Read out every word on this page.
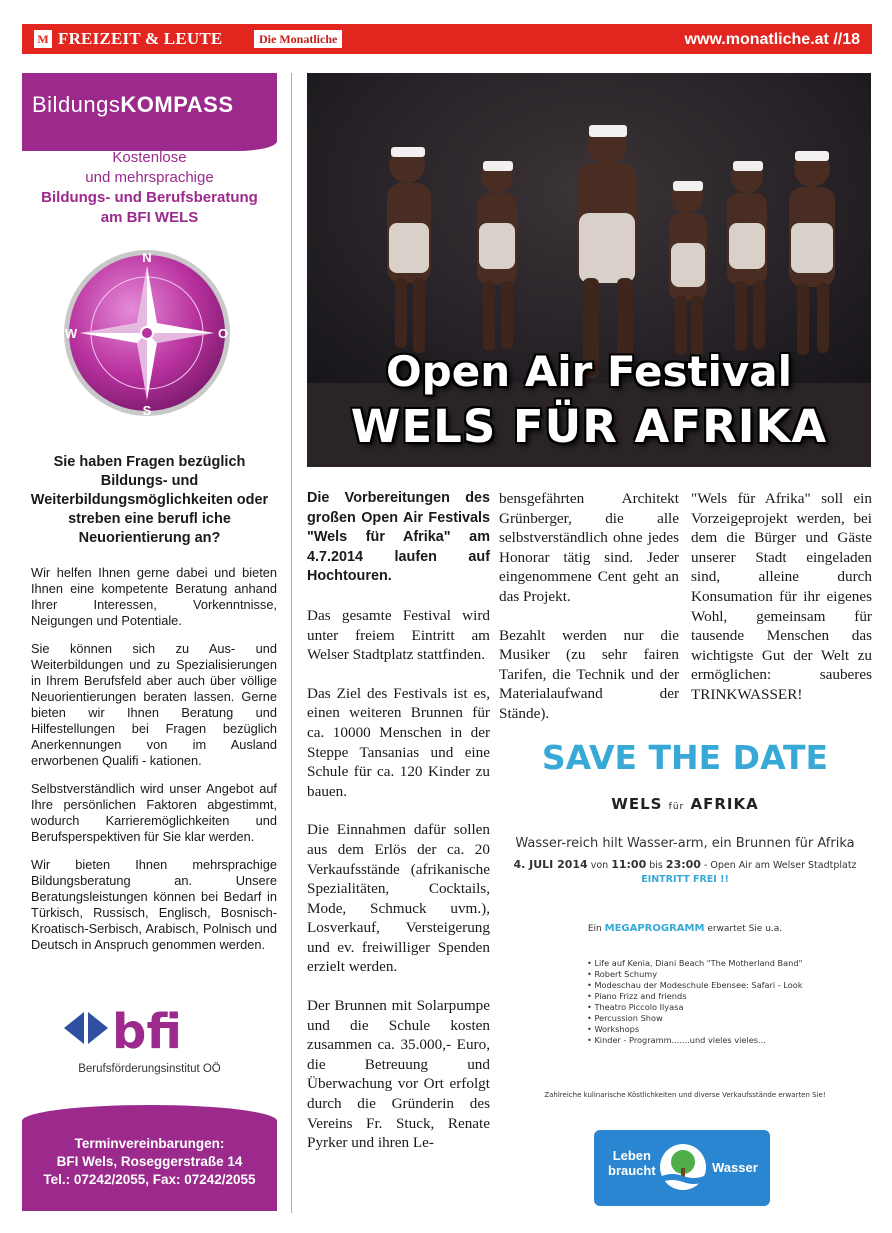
M FREIZEIT & LEUTE	Die Monatliche	www.monatliche.at //18
BildungsKOMPASS
Kostenlose
und mehrsprachige
Bildungs- und Berufsberatung
am BFI WELS
N
S
W	O
Sie haben Fragen bezüglich Bildungs- und Weiterbildungsmöglichkeiten oder streben eine berufl iche Neuorientierung an?

Wir helfen Ihnen gerne dabei und bieten Ihnen eine kompetente Beratung anhand Ihrer Interessen, Vorkenntnisse, Neigungen und Potentiale.

Sie können sich zu Aus- und Weiterbildungen und zu Spezialisierungen in Ihrem Berufsfeld aber auch über völlige Neuorientierungen beraten lassen. Gerne bieten wir Ihnen Beratung und Hilfestellungen bei Fragen bezüglich Anerkennungen von im Ausland erworbenen Qualifi - kationen.

Selbstverständlich wird unser Angebot auf Ihre persönlichen Faktoren abgestimmt, wodurch Karrieremöglichkeiten und Berufsperspektiven für Sie klar werden.

Wir bieten Ihnen mehrsprachige Bildungsberatung an. Unsere Beratungsleistungen können bei Bedarf in Türkisch, Russisch, Englisch, Bosnisch-Kroatisch-Serbisch, Arabisch, Polnisch und Deutsch in Anspruch genommen werden.

bfi
Berufsförderungsinstitut OÖ
Terminvereinbarungen:
BFI Wels, Roseggerstraße 14
Tel.: 07242/2055, Fax: 07242/2055
Open Air Festival
WELS FÜR AFRIKA

Die Vorbereitungen des großen Open Air Festivals "Wels für Afrika" am 4.7.2014 laufen auf Hochtouren.

Das gesamte Festival wird unter freiem Eintritt am Welser Stadtplatz stattfinden.

Das Ziel des Festivals ist es, einen weiteren Brunnen für ca. 10000 Menschen in der Steppe Tansanias und eine Schule für ca. 120 Kinder zu bauen.

Die Einnahmen dafür sollen aus dem Erlös der ca. 20 Verkaufsstände (afrikanische Spezialitäten, Cocktails, Mode, Schmuck uvm.), Losverkauf, Versteigerung und ev. freiwilliger Spenden erzielt werden.

Der Brunnen mit Solarpumpe und die Schule kosten zusammen ca. 35.000,- Euro, die Betreuung und Überwachung vor Ort erfolgt durch die Gründerin des Vereins Fr. Stuck, Renate Pyrker und ihren Le-

bensgefährten Architekt Grünberger, die alle selbstverständlich ohne jedes Honorar tätig sind. Jeder eingenommene Cent geht an das Projekt.

Bezahlt werden nur die Musiker (zu sehr fairen Tarifen, die Technik und der Materialaufwand der Stände).

"Wels für Afrika" soll ein Vorzeigeprojekt werden, bei dem die Bürger und Gäste unserer Stadt eingeladen sind, alleine durch Konsumation für ihr eigenes Wohl, gemeinsam für tausende Menschen das wichtigste Gut der Welt zu ermöglichen: sauberes TRINKWASSER!

SAVE THE DATE
WELS für AFRIKA
Wasser-reich hilt Wasser-arm, ein Brunnen für Afrika
4. JULI 2014 von 11:00 bis 23:00 - Open Air am Welser Stadtplatz EINTRITT FREI !!
Ein MEGAPROGRAMM erwartet Sie u.a.
• Life auf Kenia, Diani Beach "The Motherland Band"
• Robert Schumy
• Modeschau der Modeschule Ebensee: Safari - Look
• Piano Frizz and friends
• Theatro Piccolo Ilyasa
• Percussion Show
• Workshops
• Kinder - Programm.......und vieles vieles...
Zahlreiche kulinarische Köstlichkeiten und diverse Verkaufsstände erwarten Sie!
Leben
braucht	Wasser
